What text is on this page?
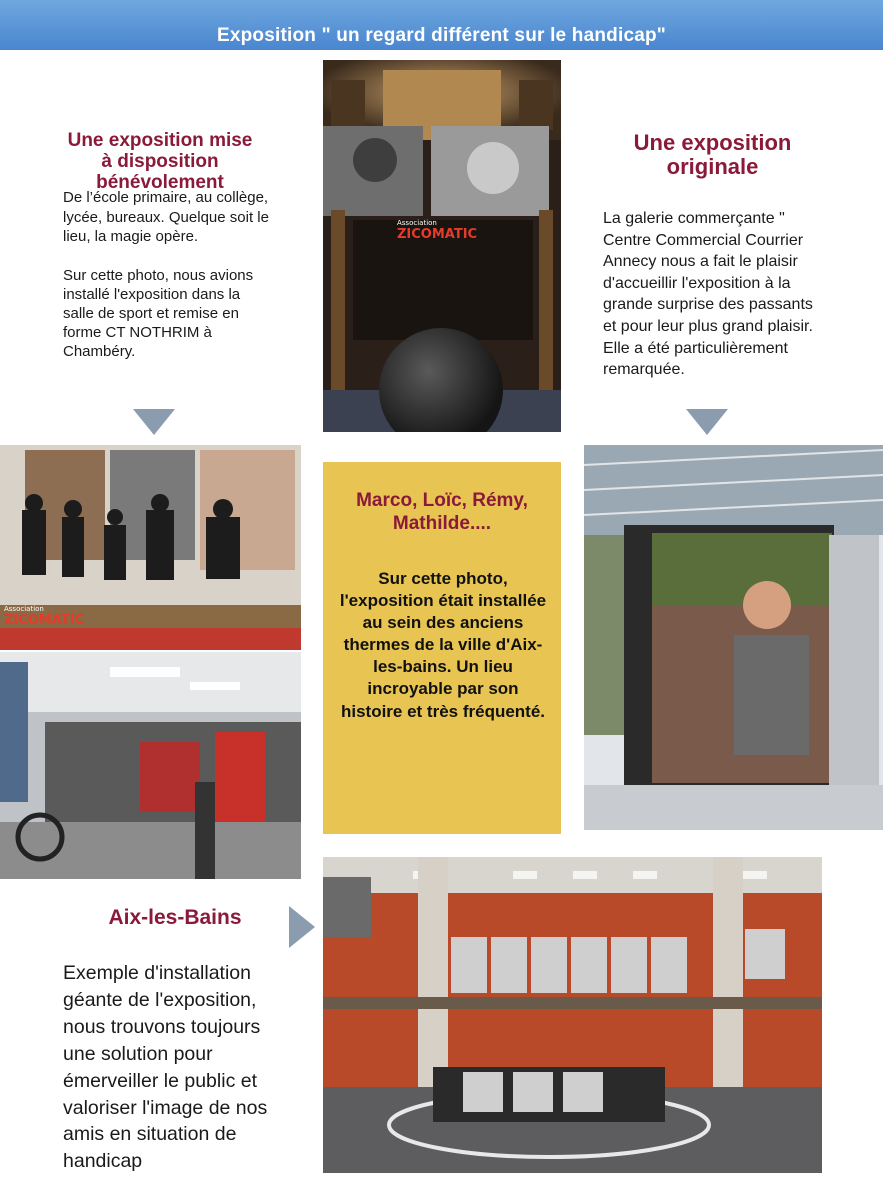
Exposition " un regard différent sur le handicap"
Une exposition mise à disposition bénévolement
De l’école primaire, au collège, lycée, bureaux. Quelque soit le lieu, la magie opère.
Sur cette photo, nous avions installé l'exposition dans la salle de sport et remise en forme CT NOTHRIM à Chambéry.
Association
ZICOMATIC
Marco, Loïc, Rémy, Mathilde....
Sur cette photo, l'exposition était installée au sein des anciens thermes de la ville d'Aix-les-bains. Un lieu incroyable par son histoire et très fréquenté.
Une exposition originale
La galerie commerçante " Centre Commercial Courrier Annecy nous a fait le plaisir d'accueillir l'exposition à la grande surprise des passants et pour leur plus grand plaisir. Elle a été particulièrement remarquée.
Association
ZICOMATIC
Aix-les-Bains
Exemple d'installation géante de l'exposition, nous trouvons toujours une solution pour émerveiller le public et valoriser l'image de nos amis en situation de handicap
